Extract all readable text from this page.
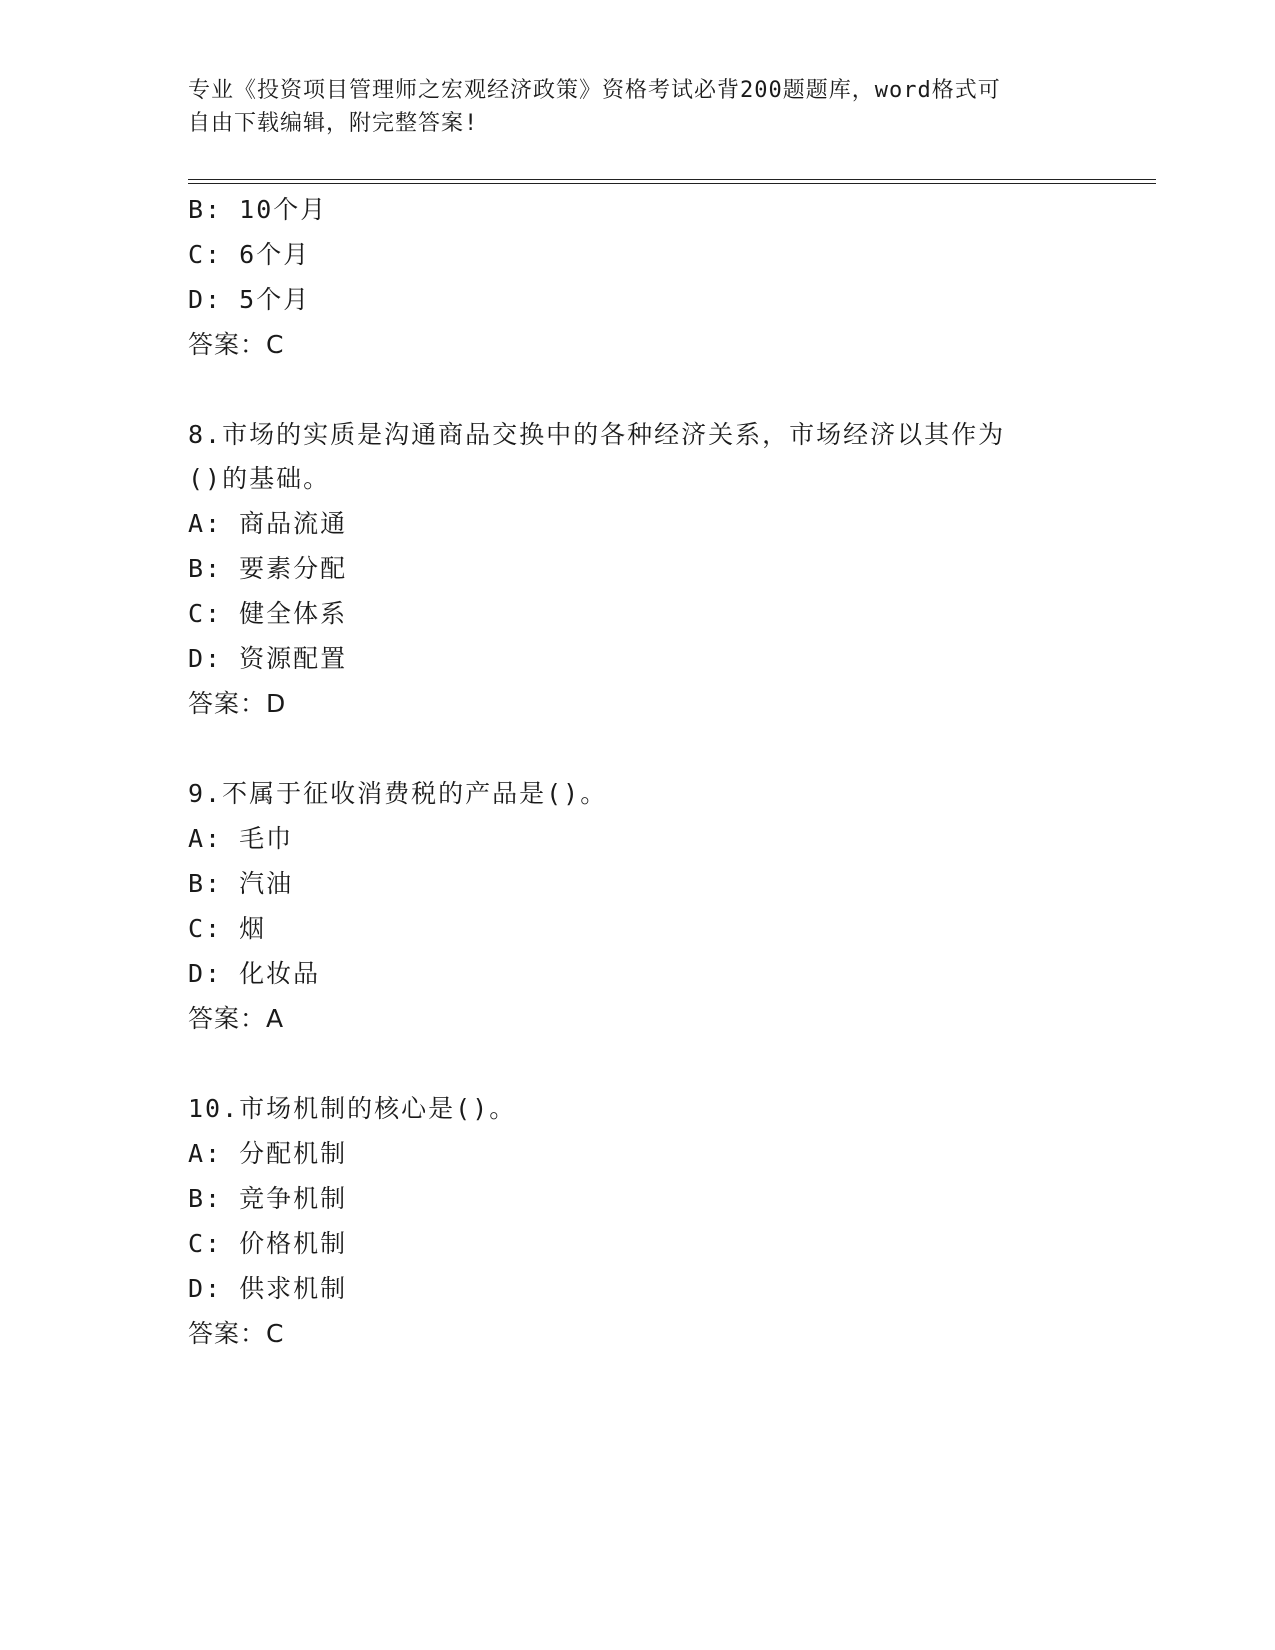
专业《投资项目管理师之宏观经济政策》资格考试必背200题题库，word格式可
自由下载编辑，附完整答案!
B: 10个月
C: 6个月
D: 5个月
答案：C
8.市场的实质是沟通商品交换中的各种经济关系，市场经济以其作为
()的基础。
A: 商品流通
B: 要素分配
C: 健全体系
D: 资源配置
答案：D
9.不属于征收消费税的产品是()。
A: 毛巾
B: 汽油
C: 烟
D: 化妆品
答案：A
10.市场机制的核心是()。
A: 分配机制
B: 竞争机制
C: 价格机制
D: 供求机制
答案：C
